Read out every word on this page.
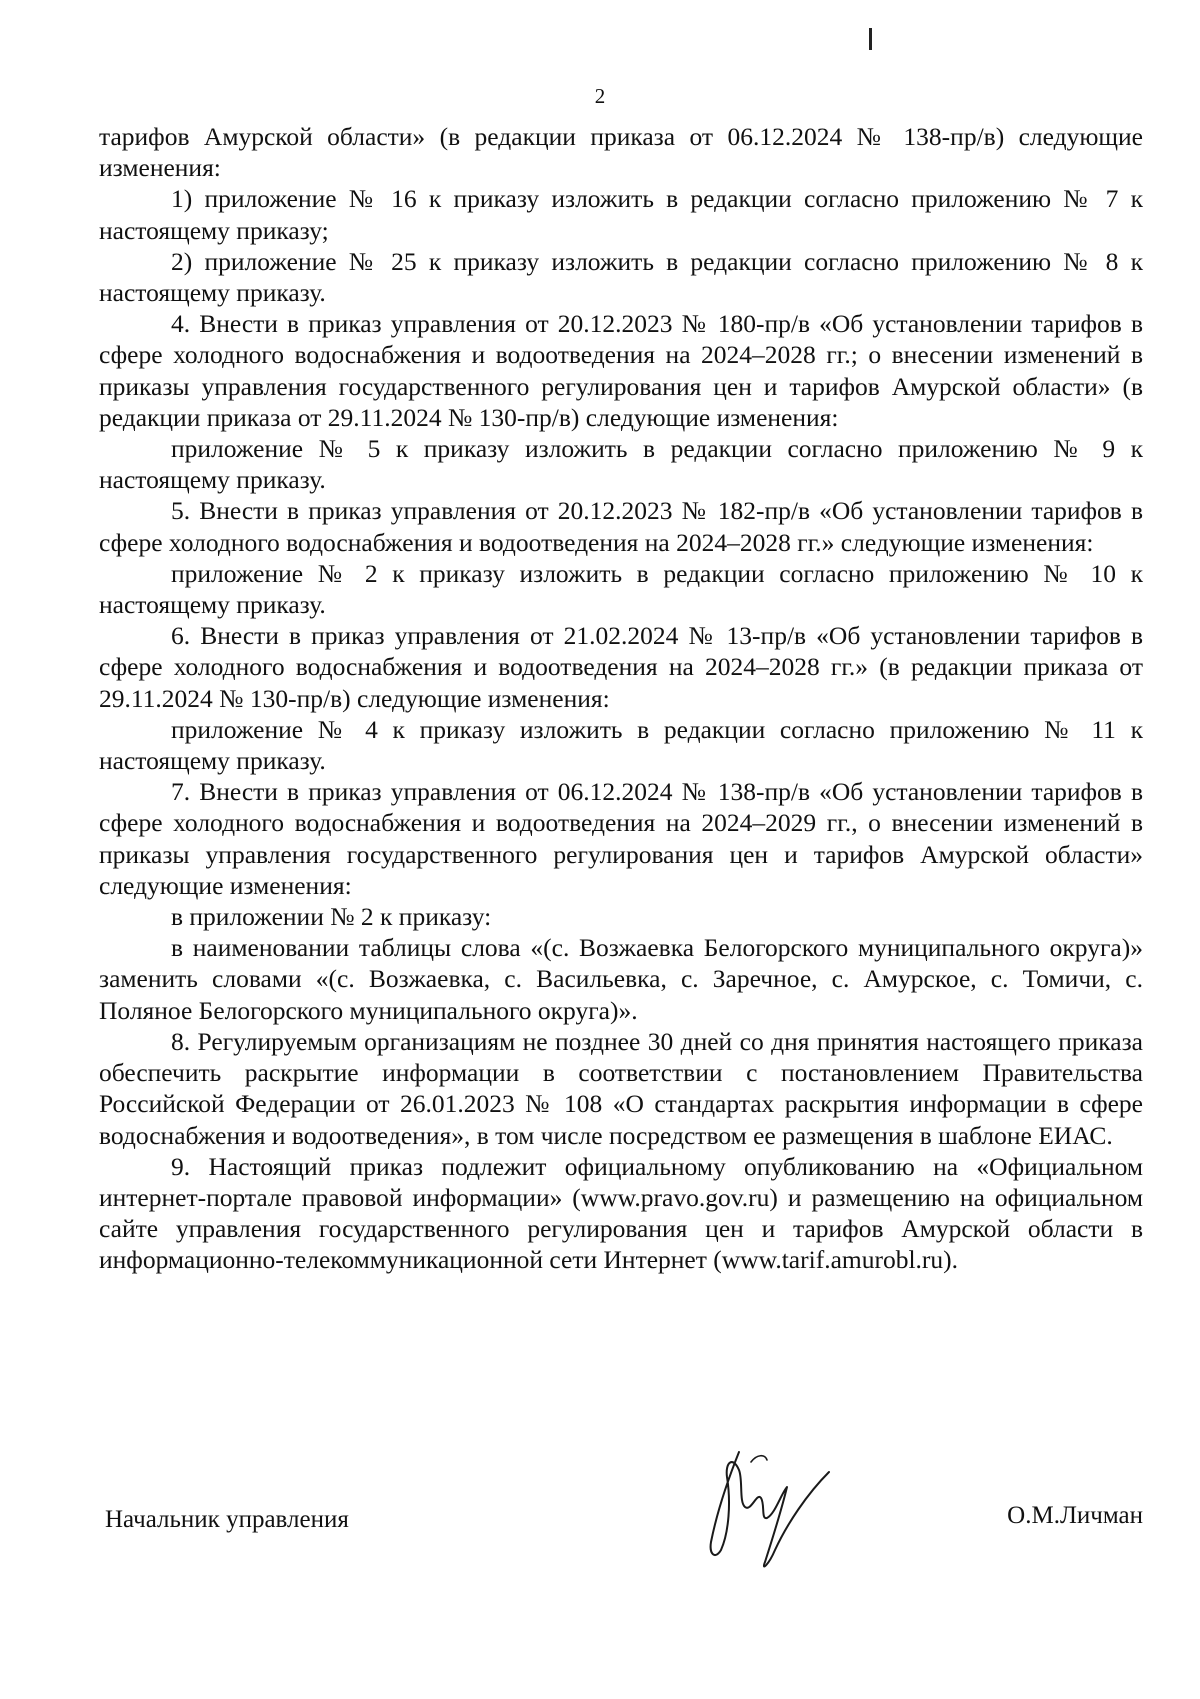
2

тарифов Амурской области» (в редакции приказа от 06.12.2024 № 138-пр/в) следующие изменения:

1) приложение № 16 к приказу изложить в редакции согласно приложению № 7 к настоящему приказу;

2) приложение № 25 к приказу изложить в редакции согласно приложению № 8 к настоящему приказу.

4. Внести в приказ управления от 20.12.2023 № 180-пр/в «Об установлении тарифов в сфере холодного водоснабжения и водоотведения на 2024–2028 гг.; о внесении изменений в приказы управления государственного регулирования цен и тарифов Амурской области» (в редакции приказа от 29.11.2024 № 130-пр/в) следующие изменения:

приложение № 5 к приказу изложить в редакции согласно приложению № 9 к настоящему приказу.

5. Внести в приказ управления от 20.12.2023 № 182-пр/в «Об установлении тарифов в сфере холодного водоснабжения и водоотведения на 2024–2028 гг.» следующие изменения:

приложение № 2 к приказу изложить в редакции согласно приложению № 10 к настоящему приказу.

6. Внести в приказ управления от 21.02.2024 № 13-пр/в «Об установлении тарифов в сфере холодного водоснабжения и водоотведения на 2024–2028 гг.» (в редакции приказа от 29.11.2024 № 130-пр/в) следующие изменения:

приложение № 4 к приказу изложить в редакции согласно приложению № 11 к настоящему приказу.

7. Внести в приказ управления от 06.12.2024 № 138-пр/в «Об установлении тарифов в сфере холодного водоснабжения и водоотведения на 2024–2029 гг., о внесении изменений в приказы управления государственного регулирования цен и тарифов Амурской области» следующие изменения:

в приложении № 2 к приказу:

в наименовании таблицы слова «(с. Возжаевка Белогорского муниципального округа)» заменить словами «(с. Возжаевка, с. Васильевка, с. Заречное, с. Амурское, с. Томичи, с. Поляное Белогорского муниципального округа)».

8. Регулируемым организациям не позднее 30 дней со дня принятия настоящего приказа обеспечить раскрытие информации в соответствии с постановлением Правительства Российской Федерации от 26.01.2023 № 108 «О стандартах раскрытия информации в сфере водоснабжения и водоотведения», в том числе посредством ее размещения в шаблоне ЕИАС.

9. Настоящий приказ подлежит официальному опубликованию на «Официальном интернет-портале правовой информации» (www.pravo.gov.ru) и размещению на официальном сайте управления государственного регулирования цен и тарифов Амурской области в информационно-телекоммуникационной сети Интернет (www.tarif.amurobl.ru).

Начальник управления	О.М.Личман
